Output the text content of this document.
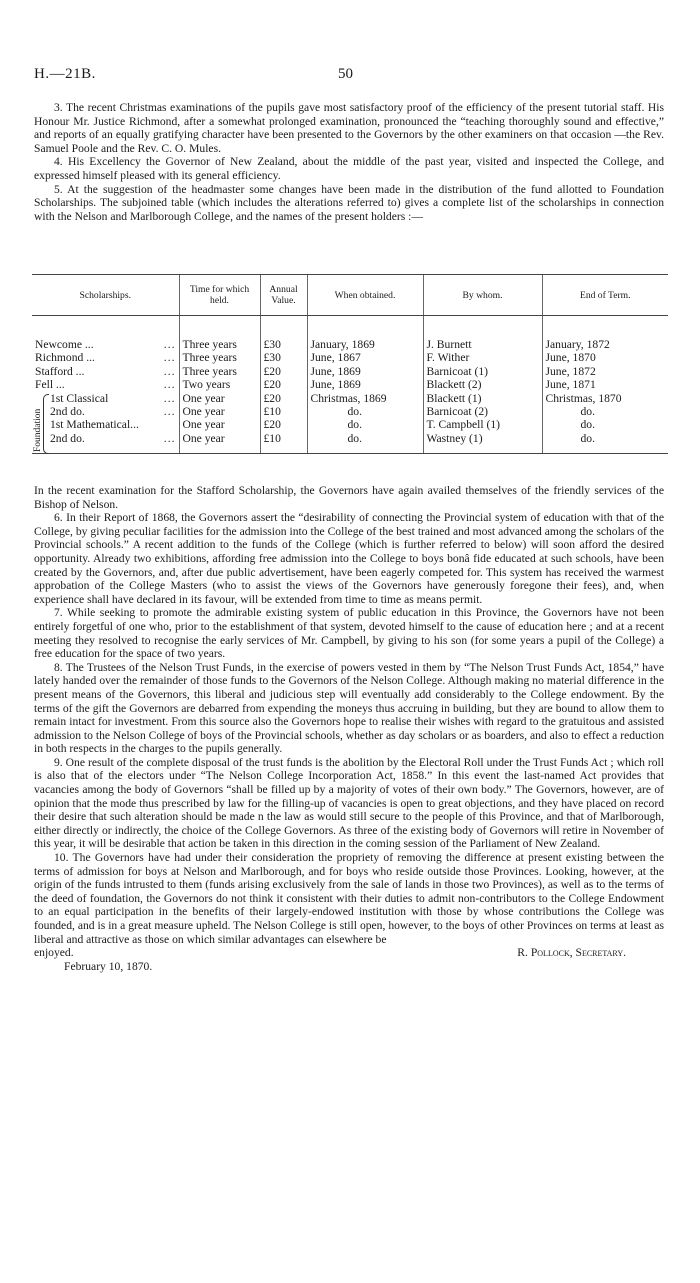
H.—21B.	50

3. The recent Christmas examinations of the pupils gave most satisfactory proof of the efficiency of the present tutorial staff. His Honour Mr. Justice Richmond, after a somewhat prolonged examination, pronounced the “teaching thoroughly sound and effective,” and reports of an equally gratifying character have been presented to the Governors by the other examiners on that occasion —the Rev. Samuel Poole and the Rev. C. O. Mules.

4. His Excellency the Governor of New Zealand, about the middle of the past year, visited and inspected the College, and expressed himself pleased with its general efficiency.

5. At the suggestion of the headmaster some changes have been made in the distribution of the fund allotted to Foundation Scholarships. The subjoined table (which includes the alterations referred to) gives a complete list of the scholarships in connection with the Nelson and Marlborough College, and the names of the present holders :—

Scholarships.	Time for which held.	Annual Value.	When obtained.	By whom.	End of Term.

Newcome ... ...	Three years	£30	January, 1869	J. Burnett	January, 1872
Richmond ... ...	Three years	£30	June, 1867	F. Wither	June, 1870
Stafford ... ...	Three years	£20	June, 1869	Barnicoat (1)	June, 1872
Fell ... ...	Two years	£20	June, 1869	Blackett (2)	June, 1871
1st Classical ...	One year	£20	Christmas, 1869	Blackett (1)	Christmas, 1870
2nd do. ...	One year	£10	do.	Barnicoat (2)	do.
1st Mathematical...	One year	£20	do.	T. Campbell (1)	do.
2nd do. ...	One year	£10	do.	Wastney (1)	do.
Foundation

In the recent examination for the Stafford Scholarship, the Governors have again availed themselves of the friendly services of the Bishop of Nelson.

6. In their Report of 1868, the Governors assert the “desirability of connecting the Provincial system of education with that of the College, by giving peculiar facilities for the admission into the College of the best trained and most advanced among the scholars of the Provincial schools.” A recent addition to the funds of the College (which is further referred to below) will soon afford the desired opportunity. Already two exhibitions, affording free admission into the College to boys bonâ fide educated at such schools, have been created by the Governors, and, after due public advertisement, have been eagerly competed for. This system has received the warmest approbation of the College Masters (who to assist the views of the Governors have generously foregone their fees), and, when experience shall have declared in its favour, will be extended from time to time as means permit.

7. While seeking to promote the admirable existing system of public education in this Province, the Governors have not been entirely forgetful of one who, prior to the establishment of that system, devoted himself to the cause of education here ; and at a recent meeting they resolved to recognise the early services of Mr. Campbell, by giving to his son (for some years a pupil of the College) a free education for the space of two years.

8. The Trustees of the Nelson Trust Funds, in the exercise of powers vested in them by “The Nelson Trust Funds Act, 1854,” have lately handed over the remainder of those funds to the Governors of the Nelson College. Although making no material difference in the present means of the Governors, this liberal and judicious step will eventually add considerably to the College endowment. By the terms of the gift the Governors are debarred from expending the moneys thus accruing in building, but they are bound to allow them to remain intact for investment. From this source also the Governors hope to realise their wishes with regard to the gratuitous and assisted admission to the Nelson College of boys of the Provincial schools, whether as day scholars or as boarders, and also to effect a reduction in both respects in the charges to the pupils generally.

9. One result of the complete disposal of the trust funds is the abolition by the Electoral Roll under the Trust Funds Act ; which roll is also that of the electors under “The Nelson College Incorporation Act, 1858.” In this event the last-named Act provides that vacancies among the body of Governors “shall be filled up by a majority of votes of their own body.” The Governors, however, are of opinion that the mode thus prescribed by law for the filling-up of vacancies is open to great objections, and they have placed on record their desire that such alteration should be made n the law as would still secure to the people of this Province, and that of Marlborough, either directly or indirectly, the choice of the College Governors. As three of the existing body of Governors will retire in November of this year, it will be desirable that action be taken in this direction in the coming session of the Parliament of New Zealand.

10. The Governors have had under their consideration the propriety of removing the difference at present existing between the terms of admission for boys at Nelson and Marlborough, and for boys who reside outside those Provinces. Looking, however, at the origin of the funds intrusted to them (funds arising exclusively from the sale of lands in those two Provinces), as well as to the terms of the deed of foundation, the Governors do not think it consistent with their duties to admit non-contributors to the College Endowment to an equal participation in the benefits of their largely-endowed institution with those by whose contributions the College was founded, and is in a great measure upheld. The Nelson College is still open, however, to the boys of other Provinces on terms at least as liberal and attractive as those on which similar advantages can elsewhere be

enjoyed.	R. Pollock, Secretary.
February 10, 1870.
